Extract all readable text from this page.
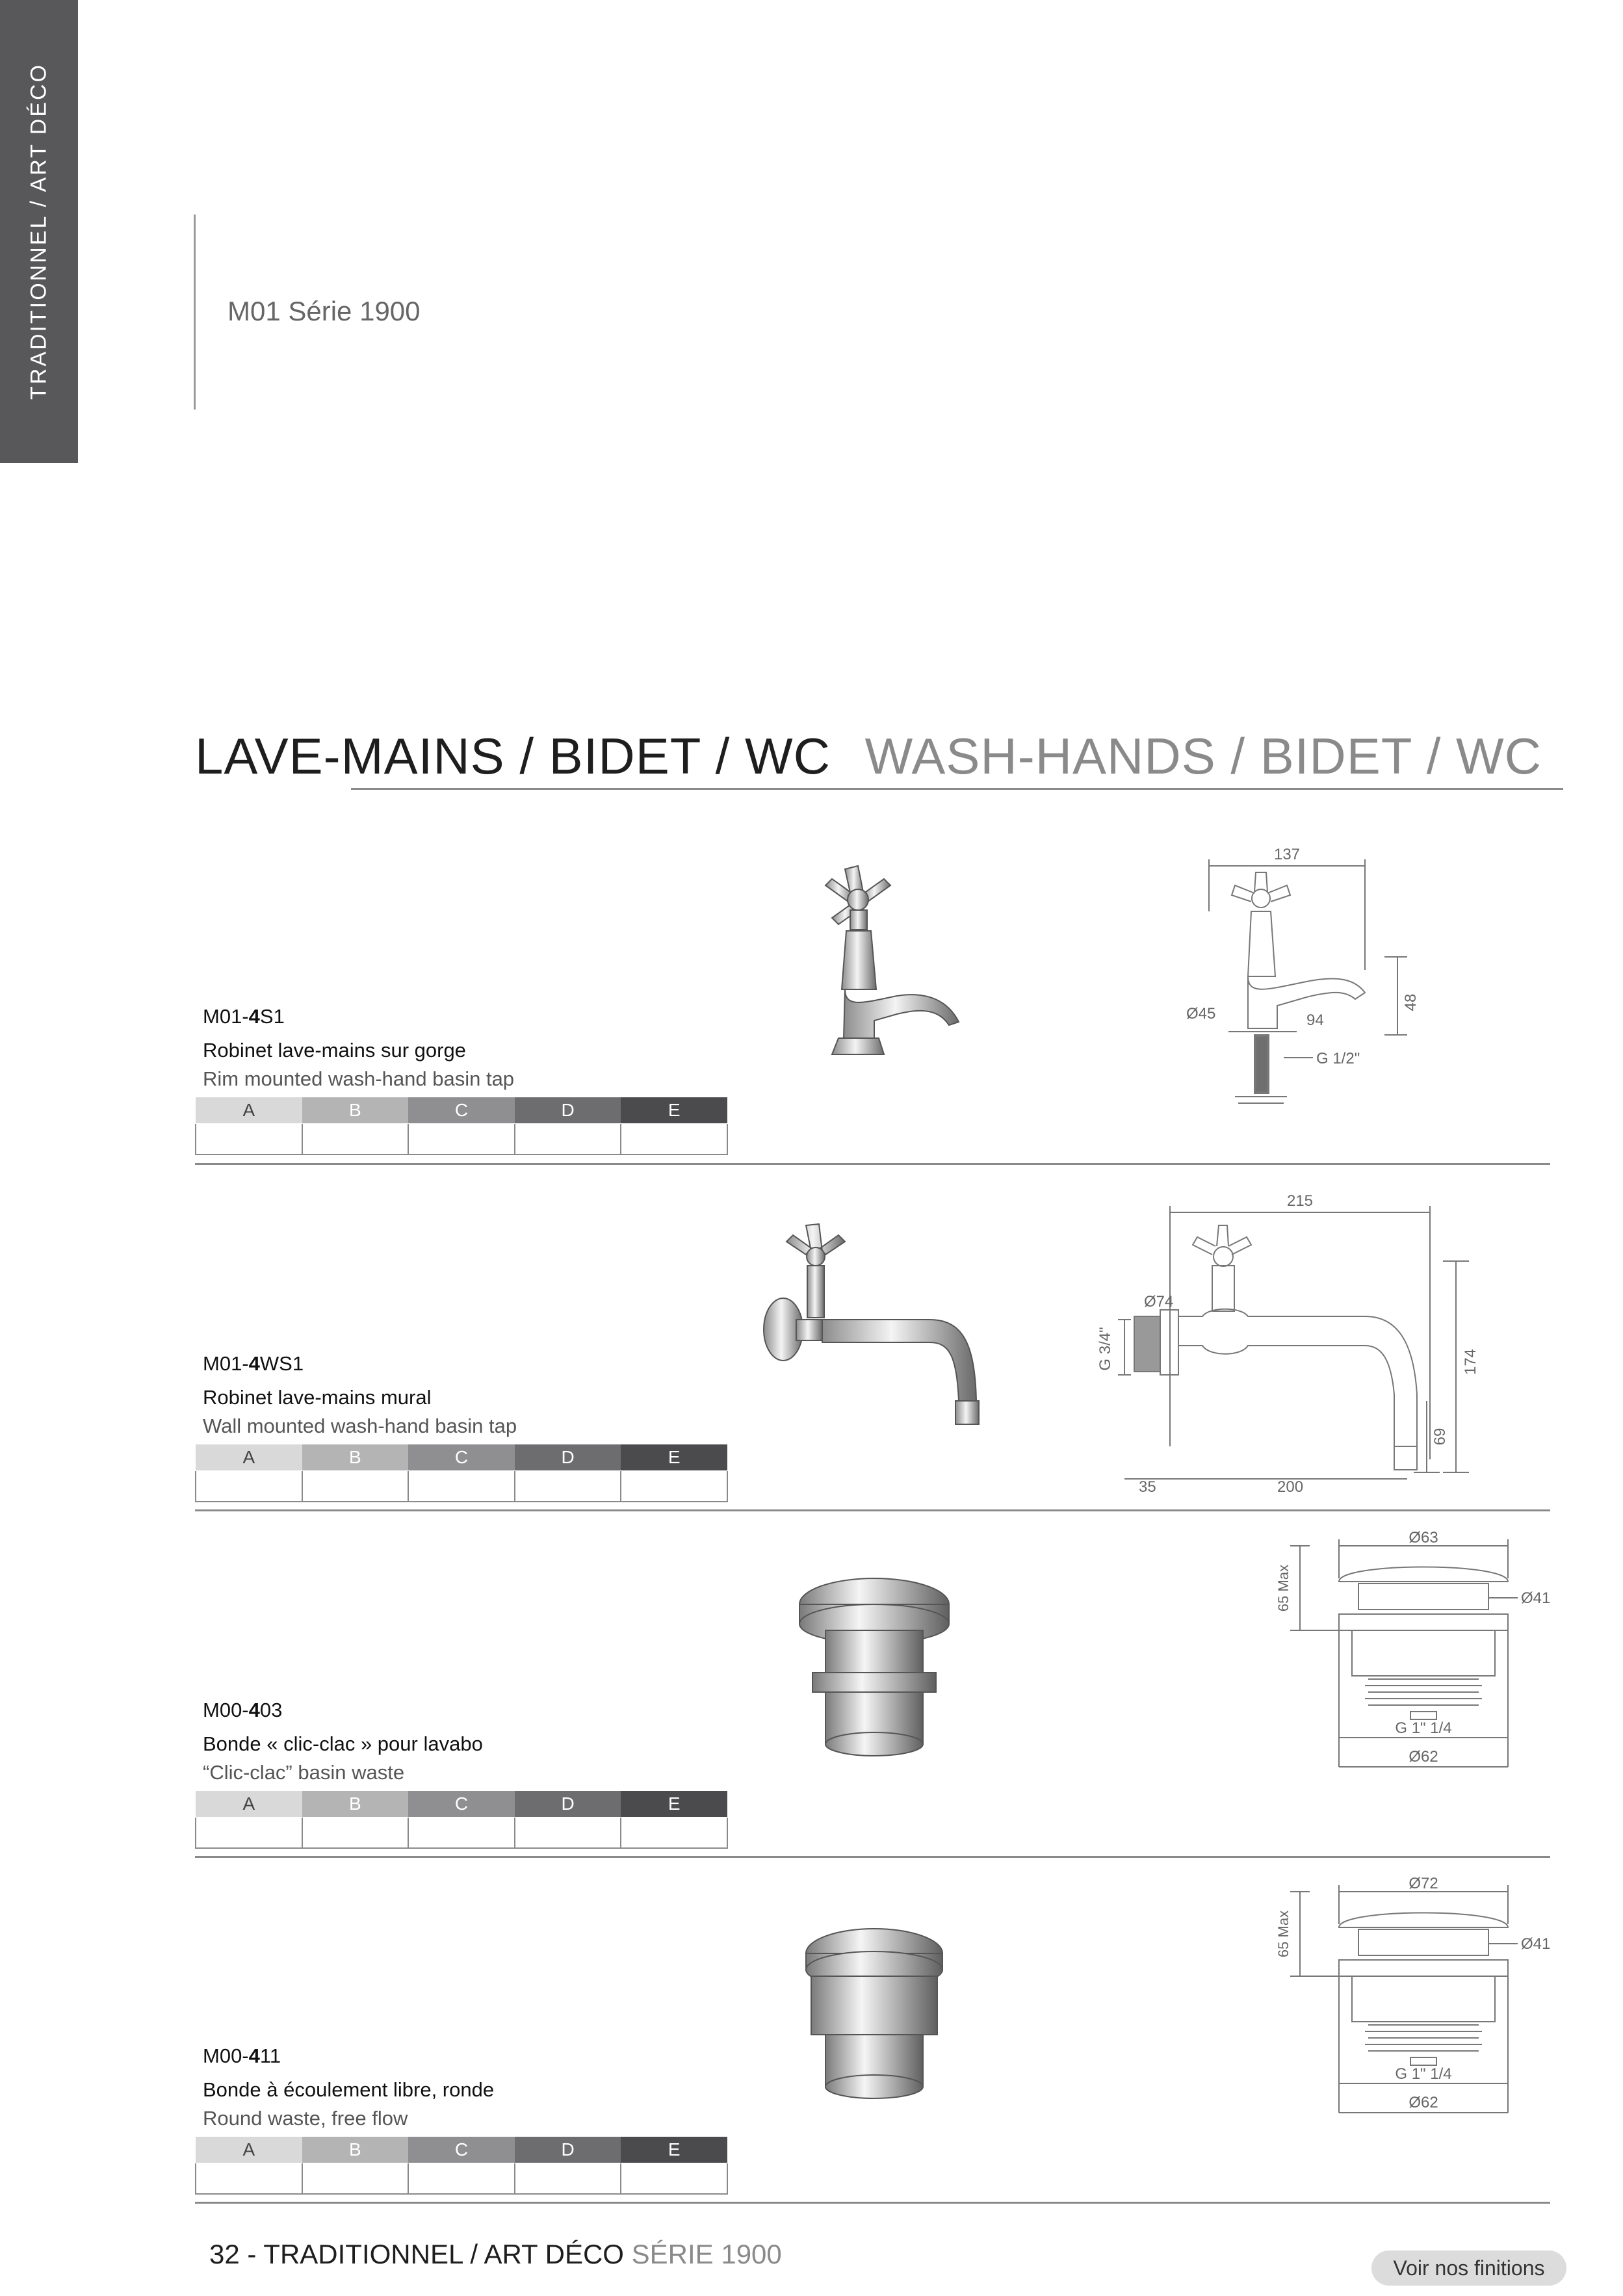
TRADITIONNEL / ART DÉCO	M01 Série 1900
LAVE-MAINS / BIDET / WC WASH-HANDS / BIDET / WC
M01-4S1
Robinet lave-mains sur gorge
Rim mounted wash-hand basin tap
A	B	C	D	E

137
Ø45	94
48
G 1/2"
M01-4WS1
Robinet lave-mains mural
Wall mounted wash-hand basin tap
A	B	C	D	E

215
Ø74
G 3/4"	174
69
35	200
M00-403
Bonde « clic-clac » pour lavabo
“Clic-clac” basin waste
A	B	C	D	E

Ø63
65 Max	Ø41
G 1" 1/4
Ø62
M00-411
Bonde à écoulement libre, ronde
Round waste, free flow
A	B	C	D	E

Ø72
65 Max	Ø41
G 1" 1/4
Ø62
32 - TRADITIONNEL / ART DÉCO SÉRIE 1900	Voir nos finitions
